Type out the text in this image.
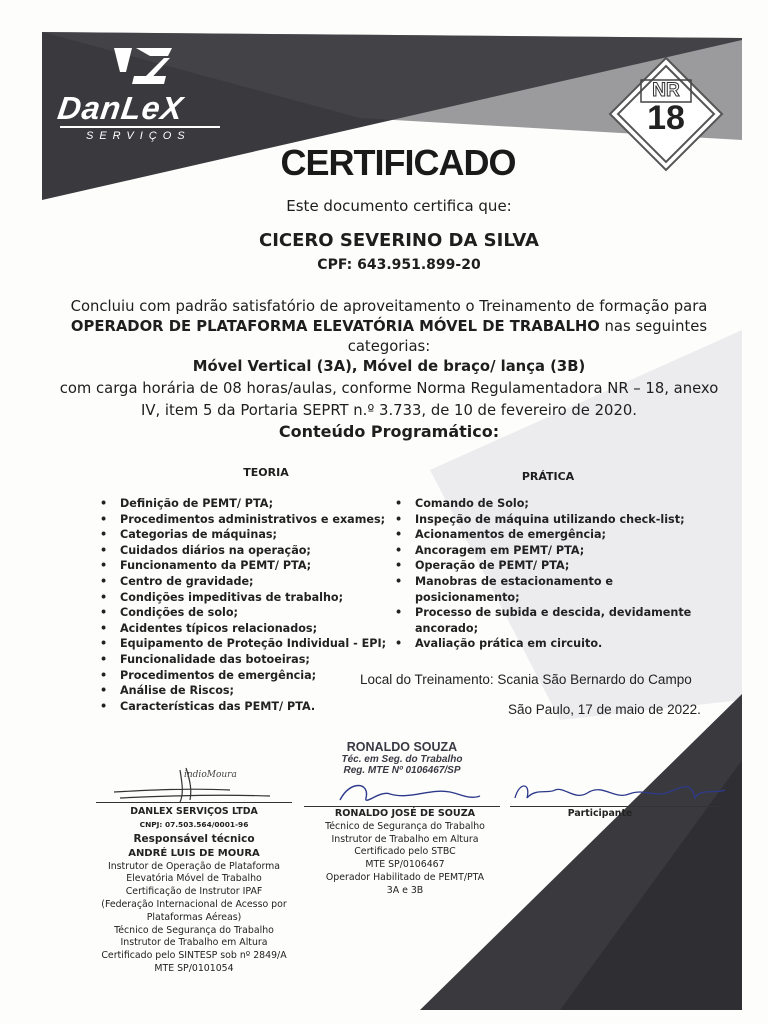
DanLeX
SERVIÇOS
NR
18
CERTIFICADO
Este documento certifica que:
CICERO SEVERINO DA SILVA
CPF: 643.951.899-20
Concluiu com padrão satisfatório de aproveitamento o Treinamento de formação para
OPERADOR DE PLATAFORMA ELEVATÓRIA MÓVEL DE TRABALHO nas seguintes
categorias:
Móvel Vertical (3A), Móvel de braço/ lança (3B)
com carga horária de 08 horas/aulas, conforme Norma Regulamentadora NR – 18, anexo
IV, item 5 da Portaria SEPRT n.º 3.733, de 10 de fevereiro de 2020.
Conteúdo Programático:
TEORIA
• Definição de PEMT/ PTA;
• Procedimentos administrativos e exames;
• Categorias de máquinas;
• Cuidados diários na operação;
• Funcionamento da PEMT/ PTA;
• Centro de gravidade;
• Condições impeditivas de trabalho;
• Condições de solo;
• Acidentes típicos relacionados;
• Equipamento de Proteção Individual - EPI;
• Funcionalidade das botoeiras;
• Procedimentos de emergência;
• Análise de Riscos;
• Características das PEMT/ PTA.
PRÁTICA
• Comando de Solo;
• Inspeção de máquina utilizando check-list;
• Acionamentos de emergência;
• Ancoragem em PEMT/ PTA;
• Operação de PEMT/ PTA;
• Manobras de estacionamento e posicionamento;
• Processo de subida e descida, devidamente ancorado;
• Avaliação prática em circuito.
Local do Treinamento: Scania São Bernardo do Campo
São Paulo, 17 de maio de 2022.
RONALDO SOUZA
Téc. em Seg. do Trabalho
Reg. MTE Nº 0106467/SP
indioMoura
Participante
DANLEX SERVIÇOS LTDA
CNPJ: 07.503.564/0001-96
Responsável técnico
ANDRÉ LUIS DE MOURA
Instrutor de Operação de Plataforma
Elevatória Móvel de Trabalho
Certificação de Instrutor IPAF
(Federação Internacional de Acesso por
Plataformas Aéreas)
Técnico de Segurança do Trabalho
Instrutor de Trabalho em Altura
Certificado pelo SINTESP sob nº 2849/A
MTE SP/0101054
RONALDO JOSÉ DE SOUZA
Técnico de Segurança do Trabalho
Instrutor de Trabalho em Altura
Certificado pelo STBC
MTE SP/0106467
Operador Habilitado de PEMT/PTA
3A e 3B
